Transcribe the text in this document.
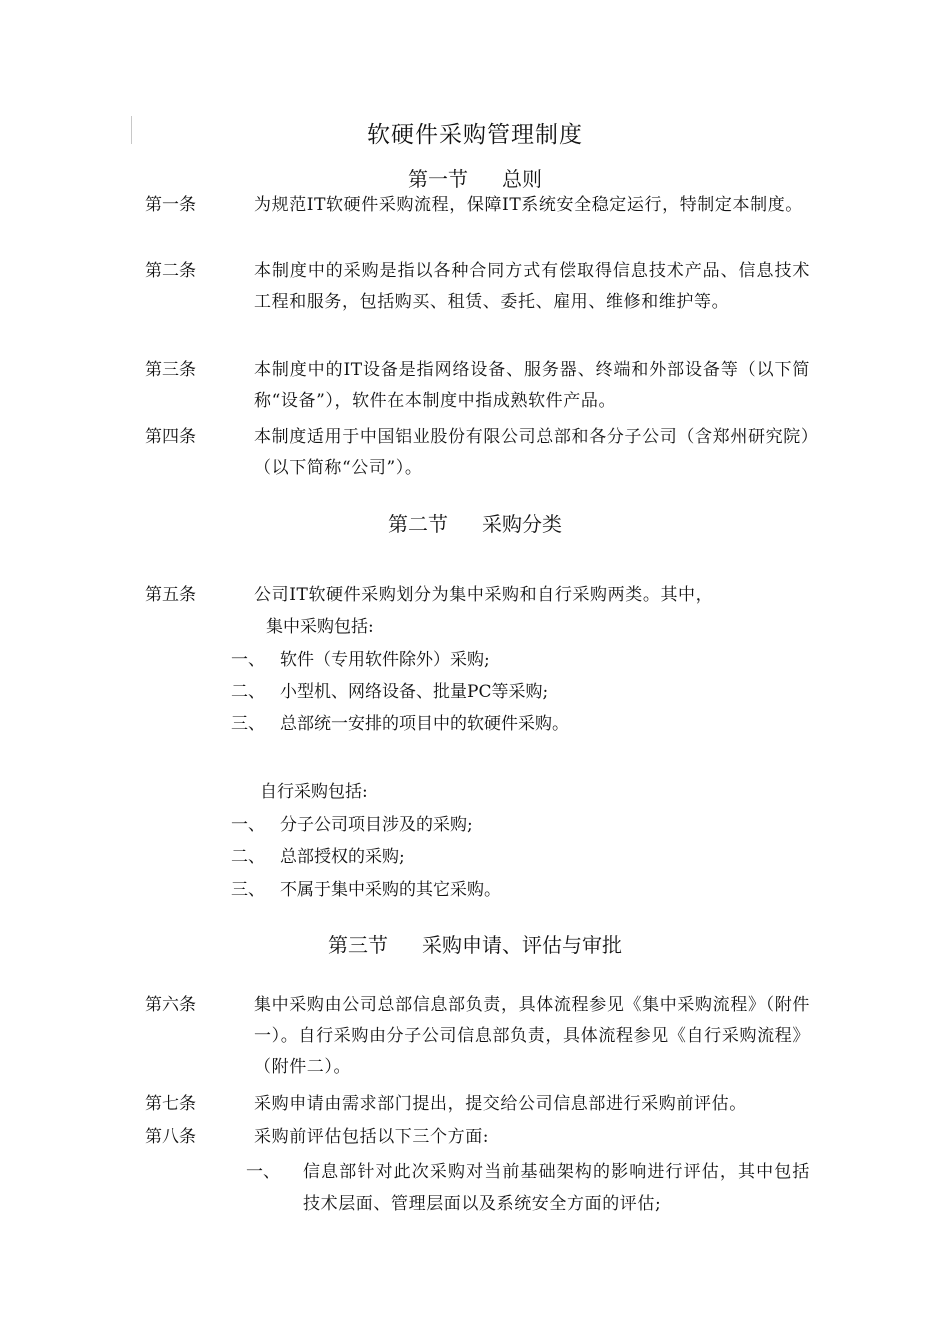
软硬件采购管理制度
第一节 总则
第一条	为规范IT软硬件采购流程，保障IT系统安全稳定运行，特制定本制度。
第二条	本制度中的采购是指以各种合同方式有偿取得信息技术产品、信息技术工程和服务，包括购买、租赁、委托、雇用、维修和维护等。
第三条	本制度中的IT设备是指网络设备、服务器、终端和外部设备等（以下简称“设备”），软件在本制度中指成熟软件产品。
第四条	本制度适用于中国铝业股份有限公司总部和各分子公司（含郑州研究院）（以下简称“公司”）。
第二节 采购分类
第五条	公司IT软硬件采购划分为集中采购和自行采购两类。其中，
集中采购包括:
一、 软件（专用软件除外）采购;
二、 小型机、网络设备、批量PC等采购;
三、 总部统一安排的项目中的软硬件采购。
自行采购包括:
一、 分子公司项目涉及的采购;
二、 总部授权的采购;
三、 不属于集中采购的其它采购。
第三节 采购申请、评估与审批
第六条	集中采购由公司总部信息部负责，具体流程参见《集中采购流程》（附件一）。自行采购由分子公司信息部负责，具体流程参见《自行采购流程》（附件二）。
第七条	采购申请由需求部门提出，提交给公司信息部进行采购前评估。
第八条	采购前评估包括以下三个方面:
一、 信息部针对此次采购对当前基础架构的影响进行评估，其中包括技术层面、管理层面以及系统安全方面的评估;
